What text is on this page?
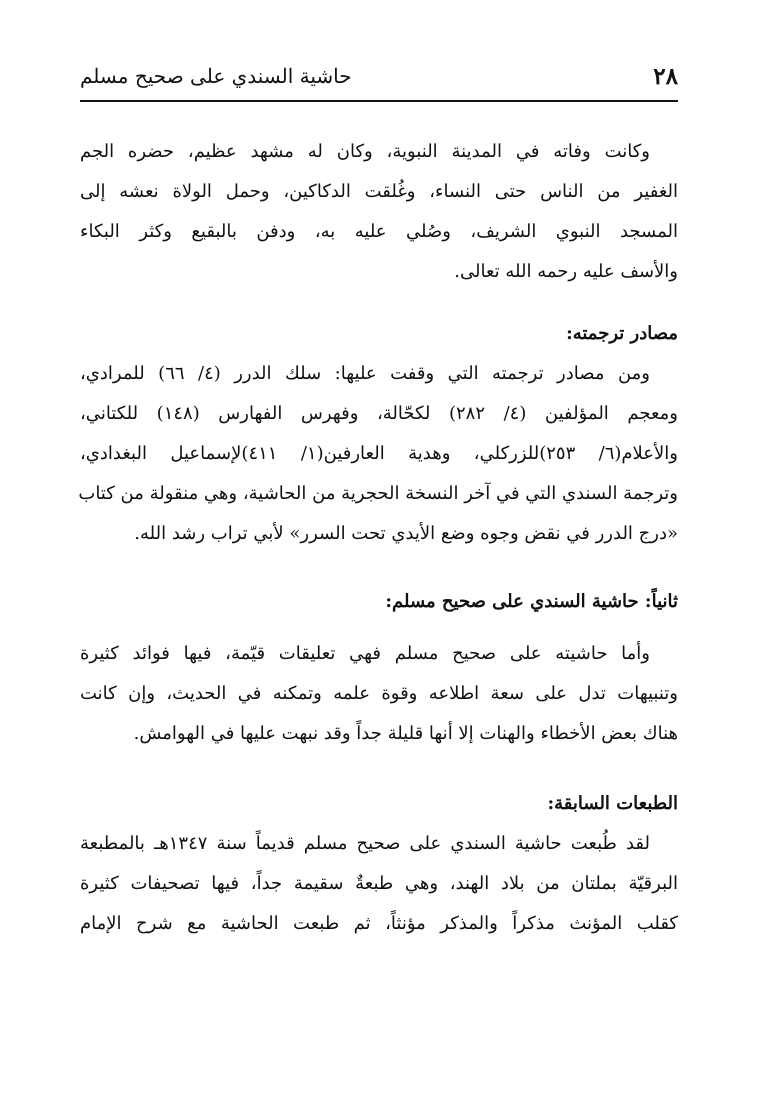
٢٨
حاشية السندي على صحيح مسلم

وكانت وفاته في المدينة النبوية، وكان له مشهد عظيم، حضره الجم
الغفير من الناس حتى النساء، وغُلقت الدكاكين، وحمل الولاة نعشه إلى
المسجد النبوي الشريف، وصُلي عليه به، ودفن بالبقيع وكثر البكاء
والأسف عليه رحمه الله تعالى.

مصادر ترجمته:

ومن مصادر ترجمته التي وقفت عليها: سلك الدرر (٤/ ٦٦) للمرادي،
ومعجم المؤلفين (٤/ ٢٨٢) لكحّالة، وفهرس الفهارس (١٤٨) للكتاني،
والأعلام(٦/ ٢٥٣)للزركلي، وهدية العارفين(١/ ٤١١)لإسماعيل البغدادي،
وترجمة السندي التي في آخر النسخة الحجرية من الحاشية، وهي منقولة من كتاب
«درج الدرر في نقض وجوه وضع الأيدي تحت السرر» لأبي تراب رشد الله.

ثانياً: حاشية السندي على صحيح مسلم:

وأما حاشيته على صحيح مسلم فهي تعليقات قيّمة، فيها فوائد كثيرة
وتنبيهات تدل على سعة اطلاعه وقوة علمه وتمكنه في الحديث، وإن كانت
هناك بعض الأخطاء والهنات إلا أنها قليلة جداً وقد نبهت عليها في الهوامش.

الطبعات السابقة:

لقد طُبعت حاشية السندي على صحيح مسلم قديماً سنة ١٣٤٧هـ بالمطبعة
البرقيّة بملتان من بلاد الهند، وهي طبعةٌ سقيمة جداً، فيها تصحيفات كثيرة
كقلب المؤنث مذكراً والمذكر مؤنثاً، ثم طبعت الحاشية مع شرح الإمام
